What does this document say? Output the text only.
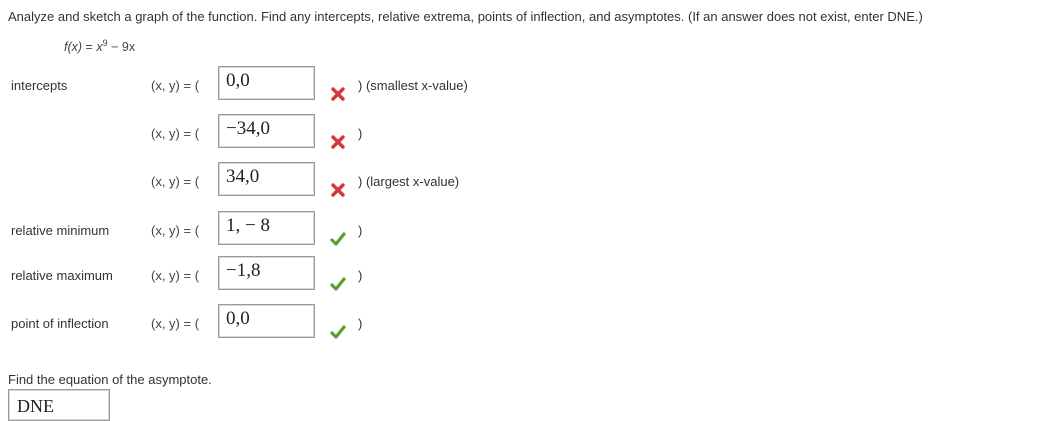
Analyze and sketch a graph of the function. Find any intercepts, relative extrema, points of inflection, and asymptotes. (If an answer does not exist, enter DNE.)
$f(x) = x^9 - 9x$
intercepts	(x, y) = (	0,0	) (smallest x-value)
(x, y) = (	−34,0	)
(x, y) = (	34,0	) (largest x-value)
relative minimum	(x, y) = (	1, − 8	)
relative maximum	(x, y) = (	−1,8	)
point of inflection	(x, y) = (	0,0	)
Find the equation of the asymptote.
DNE
